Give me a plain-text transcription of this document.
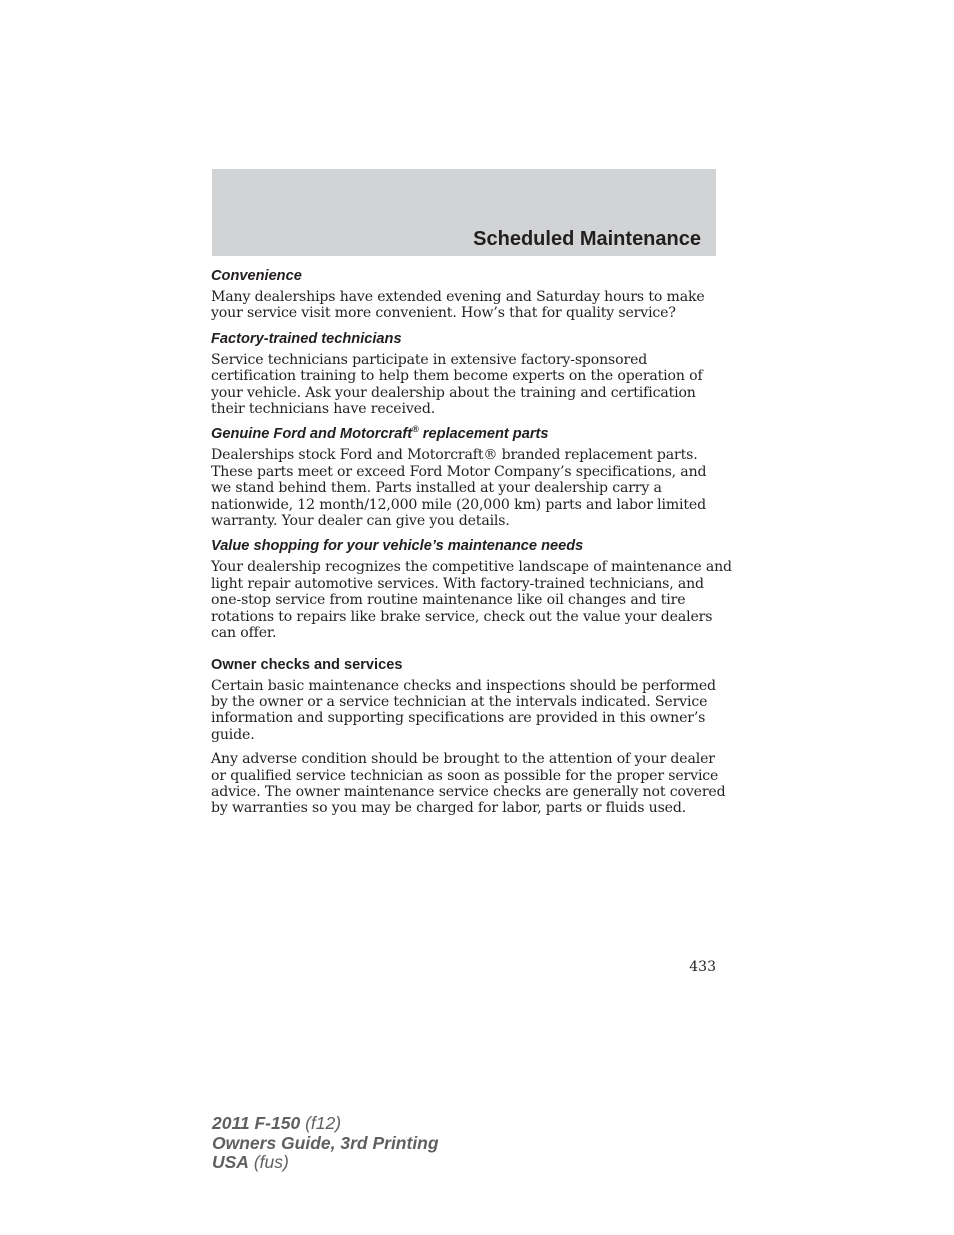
Scheduled Maintenance
Convenience

Many dealerships have extended evening and Saturday hours to make
your service visit more convenient. How’s that for quality service?

Factory-trained technicians

Service technicians participate in extensive factory-sponsored
certification training to help them become experts on the operation of
your vehicle. Ask your dealership about the training and certification
their technicians have received.

Genuine Ford and Motorcraft® replacement parts

Dealerships stock Ford and Motorcraft® branded replacement parts.
These parts meet or exceed Ford Motor Company’s specifications, and
we stand behind them. Parts installed at your dealership carry a
nationwide, 12 month/12,000 mile (20,000 km) parts and labor limited
warranty. Your dealer can give you details.

Value shopping for your vehicle’s maintenance needs

Your dealership recognizes the competitive landscape of maintenance and
light repair automotive services. With factory-trained technicians, and
one-stop service from routine maintenance like oil changes and tire
rotations to repairs like brake service, check out the value your dealers
can offer.

Owner checks and services

Certain basic maintenance checks and inspections should be performed
by the owner or a service technician at the intervals indicated. Service
information and supporting specifications are provided in this owner’s
guide.

Any adverse condition should be brought to the attention of your dealer
or qualified service technician as soon as possible for the proper service
advice. The owner maintenance service checks are generally not covered
by warranties so you may be charged for labor, parts or fluids used.

433
2011 F-150 (f12)
Owners Guide, 3rd Printing
USA (fus)
